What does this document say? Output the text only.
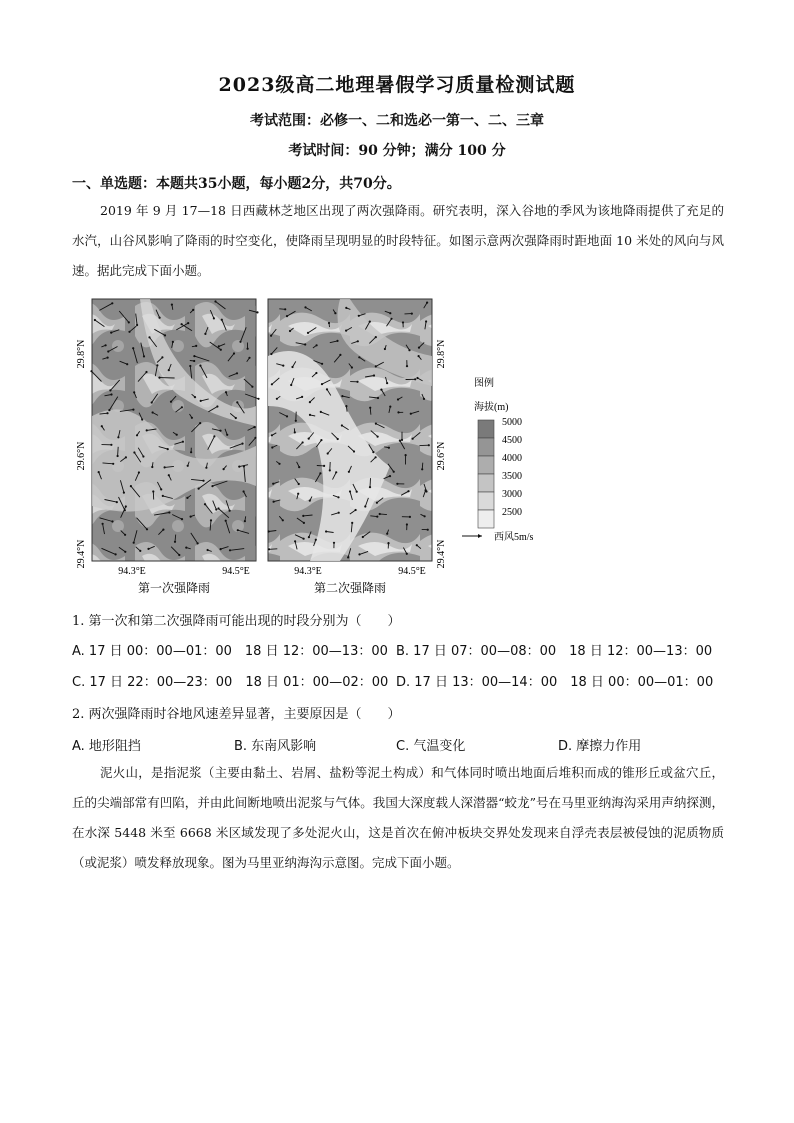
2023级高二地理暑假学习质量检测试题
考试范围：必修一、二和选必一第一、二、三章
考试时间：90 分钟；满分 100 分
一、单选题：本题共35小题，每小题2分，共70分。
2019 年 9 月 17—18 日西藏林芝地区出现了两次强降雨。研究表明，深入谷地的季风为该地降雨提供了充足的水汽，山谷风影响了降雨的时空变化，使降雨呈现明显的时段特征。如图示意两次强降雨时距地面 10 米处的风向与风速。据此完成下面小题。
29.8°N
29.6°N
29.4°N
29.8°N
29.6°N
29.4°N
94.3°E	94.5°E	94.3°E	94.5°E
第一次强降雨	第二次强降雨
图例
海拔(m)
5000
4500
4000
3500
3000
2500
西风5m/s
1. 第一次和第二次强降雨可能出现的时段分别为（　　）
A. 17 日 00：00—01：00　18 日 12：00—13：00 B. 17 日 07：00—08：00　18 日 12：00—13：00
C. 17 日 22：00—23：00　18 日 01：00—02：00 D. 17 日 13：00—14：00　18 日 00：00—01：00
2. 两次强降雨时谷地风速差异显著，主要原因是（　　）
A. 地形阻挡	B. 东南风影响	C. 气温变化	D. 摩擦力作用
泥火山，是指泥浆（主要由黏土、岩屑、盐粉等泥土构成）和气体同时喷出地面后堆积而成的锥形丘或盆穴丘，丘的尖端部常有凹陷，并由此间断地喷出泥浆与气体。我国大深度载人深潜器“蛟龙”号在马里亚纳海沟采用声纳探测，在水深 5448 米至 6668 米区域发现了多处泥火山，这是首次在俯冲板块交界处发现来自浮壳表层被侵蚀的泥质物质（或泥浆）喷发释放现象。图为马里亚纳海沟示意图。完成下面小题。
